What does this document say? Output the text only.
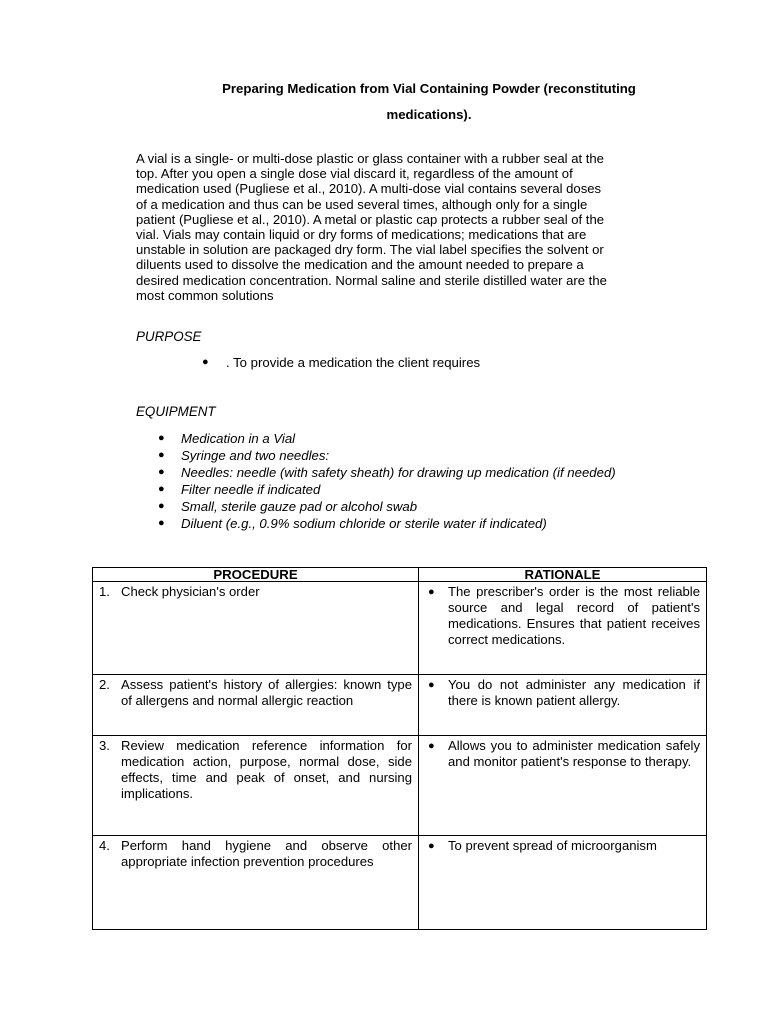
Preparing Medication from Vial Containing Powder (reconstituting
medications).
A vial is a single- or multi-dose plastic or glass container with a rubber seal at the
top. After you open a single dose vial discard it, regardless of the amount of
medication used (Pugliese et al., 2010). A multi-dose vial contains several doses
of a medication and thus can be used several times, although only for a single
patient (Pugliese et al., 2010). A metal or plastic cap protects a rubber seal of the
vial. Vials may contain liquid or dry forms of medications; medications that are
unstable in solution are packaged dry form. The vial label specifies the solvent or
diluents used to dissolve the medication and the amount needed to prepare a
desired medication concentration. Normal saline and sterile distilled water are the
most common solutions
PURPOSE
● . To provide a medication the client requires
EQUIPMENT
● Medication in a Vial
● Syringe and two needles:
● Needles: needle (with safety sheath) for drawing up medication (if needed)
● Filter needle if indicated
● Small, sterile gauze pad or alcohol swab
● Diluent (e.g., 0.9% sodium chloride or sterile water if indicated)
PROCEDURE	RATIONALE

1. Check physician's order	● The prescriber's order is the most reliable source and legal record of patient's medications. Ensures that patient receives correct medications.

2. Assess patient's history of allergies: known type of allergens and normal allergic reaction	● You do not administer any medication if there is known patient allergy.

3. Review medication reference information for medication action, purpose, normal dose, side effects, time and peak of onset, and nursing implications.	● Allows you to administer medication safely and monitor patient's response to therapy.

4. Perform hand hygiene and observe other appropriate infection prevention procedures	● To prevent spread of microorganism
